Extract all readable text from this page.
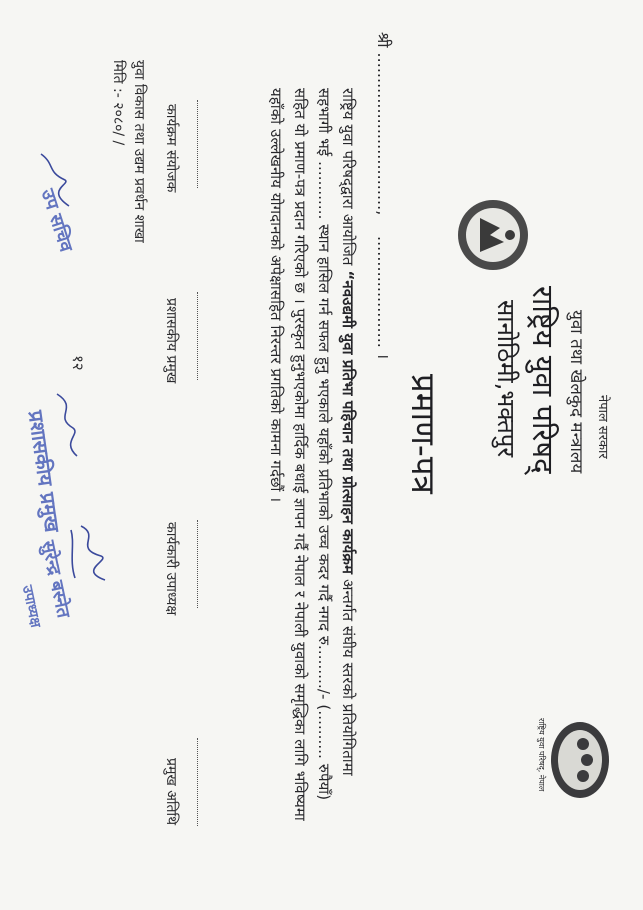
नेपाल सरकार
युवा तथा खेलकुद मन्त्रालय
राष्ट्रिय युवा परिषद्
सानोठिमी,भक्तपुर
राष्ट्रिय युवा परिषद्, नेपाल
प्रमाण-पत्र
श्री ...............................,
...................... ।
राष्ट्रिय युवा परिषद्‌द्वारा आयोजित “नवउद्यमी युवा प्रतिभा पहिचान तथा प्रोत्साहन कार्यक्रम अन्तर्गत संघीय स्तरको प्रतियोगितामा
सहभागी भई ............ स्थान हासिल गर्न सफल हुनु भएकाले यहाँको प्रतिभाको उच्च कदर गर्दै नगद रु........./- (.......... रुपैयाँ)
सहित यो प्रमाण-पत्र प्रदान गरिएको छ । पुरस्कृत हुनुभएकोमा हार्दिक बधाई ज्ञापन गर्दै नेपाल र नेपाली युवाको समृद्धिका लागि भविष्यमा
यहाँको उल्लेखनीय योगदानको अपेक्षासहित निरन्तर प्रगतिको कामना गर्दछौं ।
कार्यक्रम संयोजक
प्रशासकीय प्रमुख
कार्यकारी उपाध्यक्ष
प्रमुख अतिथि
युवा विकास तथा उद्यम प्रवर्धन शाखा
मिति :- २०८०/ /
१२
उप सचिव
प्रशासकीय प्रमुख
सुरेन्द्र बस्नेत
उपाध्यक्ष
